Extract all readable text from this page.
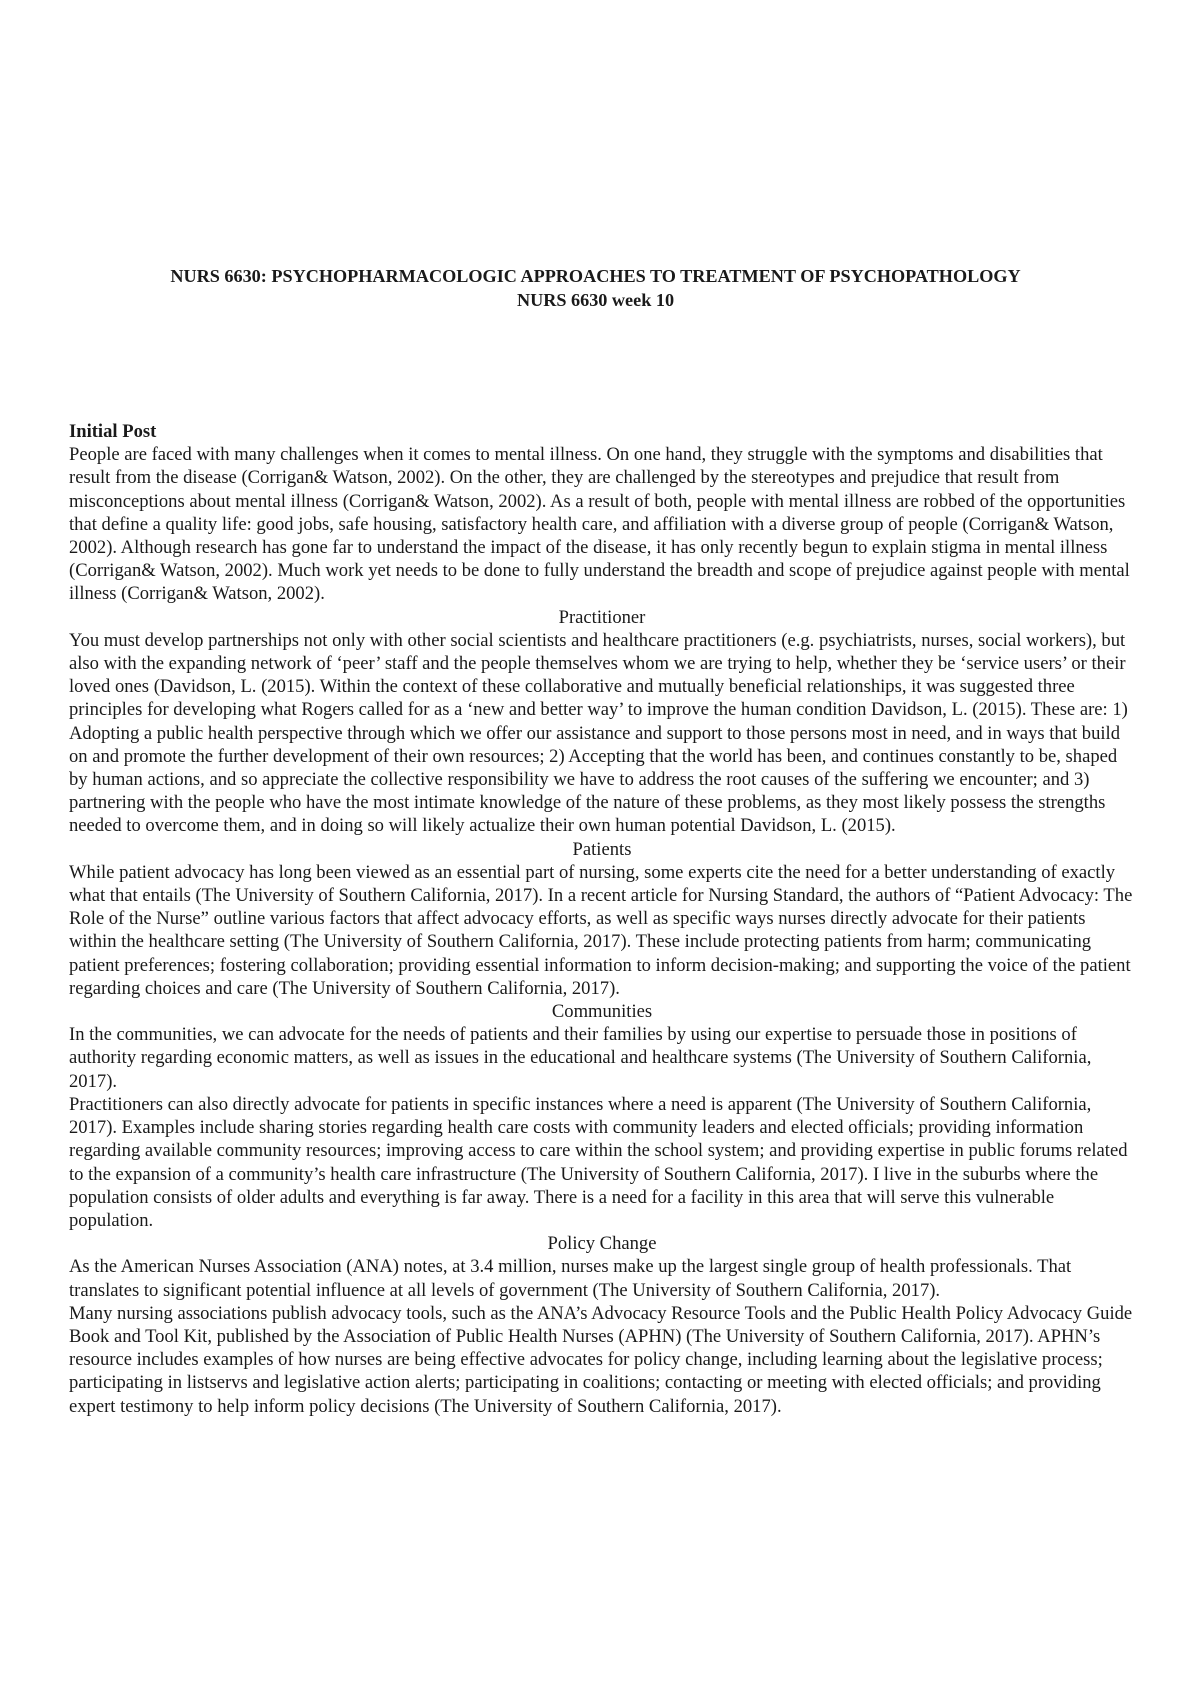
NURS 6630: PSYCHOPHARMACOLOGIC APPROACHES TO TREATMENT OF PSYCHOPATHOLOGY
NURS 6630 week 10

Initial Post

People are faced with many challenges when it comes to mental illness. On one hand, they struggle with the symptoms and disabilities that result from the disease (Corrigan& Watson, 2002). On the other, they are challenged by the stereotypes and prejudice that result from misconceptions about mental illness (Corrigan& Watson, 2002). As a result of both, people with mental illness are robbed of the opportunities that define a quality life: good jobs, safe housing, satisfactory health care, and affiliation with a diverse group of people (Corrigan& Watson, 2002). Although research has gone far to understand the impact of the disease, it has only recently begun to explain stigma in mental illness (Corrigan& Watson, 2002). Much work yet needs to be done to fully understand the breadth and scope of prejudice against people with mental illness (Corrigan& Watson, 2002).

Practitioner

You must develop partnerships not only with other social scientists and healthcare practitioners (e.g. psychiatrists, nurses, social workers), but also with the expanding network of ‘peer’ staff and the people themselves whom we are trying to help, whether they be ‘service users’ or their loved ones (Davidson, L. (2015). Within the context of these collaborative and mutually beneficial relationships, it was suggested three principles for developing what Rogers called for as a ‘new and better way’ to improve the human condition Davidson, L. (2015). These are: 1) Adopting a public health perspective through which we offer our assistance and support to those persons most in need, and in ways that build on and promote the further development of their own resources; 2) Accepting that the world has been, and continues constantly to be, shaped by human actions, and so appreciate the collective responsibility we have to address the root causes of the suffering we encounter; and 3) partnering with the people who have the most intimate knowledge of the nature of these problems, as they most likely possess the strengths needed to overcome them, and in doing so will likely actualize their own human potential Davidson, L. (2015).

Patients

While patient advocacy has long been viewed as an essential part of nursing, some experts cite the need for a better understanding of exactly what that entails (The University of Southern California, 2017). In a recent article for Nursing Standard, the authors of “Patient Advocacy: The Role of the Nurse” outline various factors that affect advocacy efforts, as well as specific ways nurses directly advocate for their patients within the healthcare setting (The University of Southern California, 2017). These include protecting patients from harm; communicating patient preferences; fostering collaboration; providing essential information to inform decision-making; and supporting the voice of the patient regarding choices and care (The University of Southern California, 2017).

Communities

In the communities, we can advocate for the needs of patients and their families by using our expertise to persuade those in positions of authority regarding economic matters, as well as issues in the educational and healthcare systems (The University of Southern California, 2017).

Practitioners can also directly advocate for patients in specific instances where a need is apparent (The University of Southern California, 2017). Examples include sharing stories regarding health care costs with community leaders and elected officials; providing information regarding available community resources; improving access to care within the school system; and providing expertise in public forums related to the expansion of a community’s health care infrastructure (The University of Southern California, 2017). I live in the suburbs where the population consists of older adults and everything is far away. There is a need for a facility in this area that will serve this vulnerable population.

Policy Change

As the American Nurses Association (ANA) notes, at 3.4 million, nurses make up the largest single group of health professionals. That translates to significant potential influence at all levels of government (The University of Southern California, 2017).

Many nursing associations publish advocacy tools, such as the ANA’s Advocacy Resource Tools and the Public Health Policy Advocacy Guide Book and Tool Kit, published by the Association of Public Health Nurses (APHN) (The University of Southern California, 2017). APHN’s resource includes examples of how nurses are being effective advocates for policy change, including learning about the legislative process; participating in listservs and legislative action alerts; participating in coalitions; contacting or meeting with elected officials; and providing expert testimony to help inform policy decisions (The University of Southern California, 2017).
